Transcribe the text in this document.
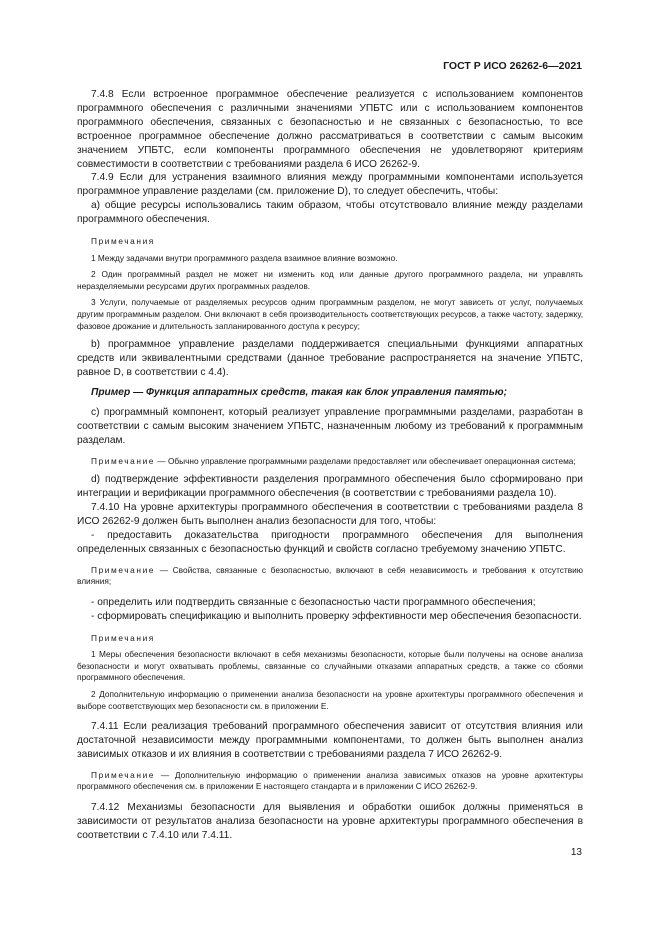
ГОСТ Р ИСО 26262-6—2021

7.4.8 Если встроенное программное обеспечение реализуется с использованием компонентов программного обеспечения с различными значениями УПБТС или с использованием компонентов программного обеспечения, связанных с безопасностью и не связанных с безопасностью, то все встроенное программное обеспечение должно рассматриваться в соответствии с самым высоким значением УПБТС, если компоненты программного обеспечения не удовлетворяют критериям совместимости в соответствии с требованиями раздела 6 ИСО 26262-9.

7.4.9 Если для устранения взаимного влияния между программными компонентами используется программное управление разделами (см. приложение D), то следует обеспечить, чтобы:

а) общие ресурсы использовались таким образом, чтобы отсутствовало влияние между разделами программного обеспечения.

Примечания

1 Между задачами внутри программного раздела взаимное влияние возможно.

2 Один программный раздел не может ни изменить код или данные другого программного раздела, ни управлять неразделяемыми ресурсами других программных разделов.

3 Услуги, получаемые от разделяемых ресурсов одним программным разделом, не могут зависеть от услуг, получаемых другим программным разделом. Они включают в себя производительность соответствующих ресурсов, а также частоту, задержку, фазовое дрожание и длительность запланированного доступа к ресурсу;

b) программное управление разделами поддерживается специальными функциями аппаратных средств или эквивалентными средствами (данное требование распространяется на значение УПБТС, равное D, в соответствии с 4.4).

Пример — Функция аппаратных средств, такая как блок управления памятью;

c) программный компонент, который реализует управление программными разделами, разработан в соответствии с самым высоким значением УПБТС, назначенным любому из требований к программным разделам.

Примечание — Обычно управление программными разделами предоставляет или обеспечивает операционная система;

d) подтверждение эффективности разделения программного обеспечения было сформировано при интеграции и верификации программного обеспечения (в соответствии с требованиями раздела 10).

7.4.10 На уровне архитектуры программного обеспечения в соответствии с требованиями раздела 8 ИСО 26262-9 должен быть выполнен анализ безопасности для того, чтобы:

- предоставить доказательства пригодности программного обеспечения для выполнения определенных связанных с безопасностью функций и свойств согласно требуемому значению УПБТС.

Примечание — Свойства, связанные с безопасностью, включают в себя независимость и требования к отсутствию влияния;

- определить или подтвердить связанные с безопасностью части программного обеспечения;

- сформировать спецификацию и выполнить проверку эффективности мер обеспечения безопасности.

Примечания

1 Меры обеспечения безопасности включают в себя механизмы безопасности, которые были получены на основе анализа безопасности и могут охватывать проблемы, связанные со случайными отказами аппаратных средств, а также со сбоями программного обеспечения.

2 Дополнительную информацию о применении анализа безопасности на уровне архитектуры программного обеспечения и выборе соответствующих мер безопасности см. в приложении Е.

7.4.11 Если реализация требований программного обеспечения зависит от отсутствия влияния или достаточной независимости между программными компонентами, то должен быть выполнен анализ зависимых отказов и их влияния в соответствии с требованиями раздела 7 ИСО 26262-9.

Примечание — Дополнительную информацию о применении анализа зависимых отказов на уровне архитектуры программного обеспечения см. в приложении Е настоящего стандарта и в приложении С ИСО 26262-9.

7.4.12 Механизмы безопасности для выявления и обработки ошибок должны применяться в зависимости от результатов анализа безопасности на уровне архитектуры программного обеспечения в соответствии с 7.4.10 или 7.4.11.

13
